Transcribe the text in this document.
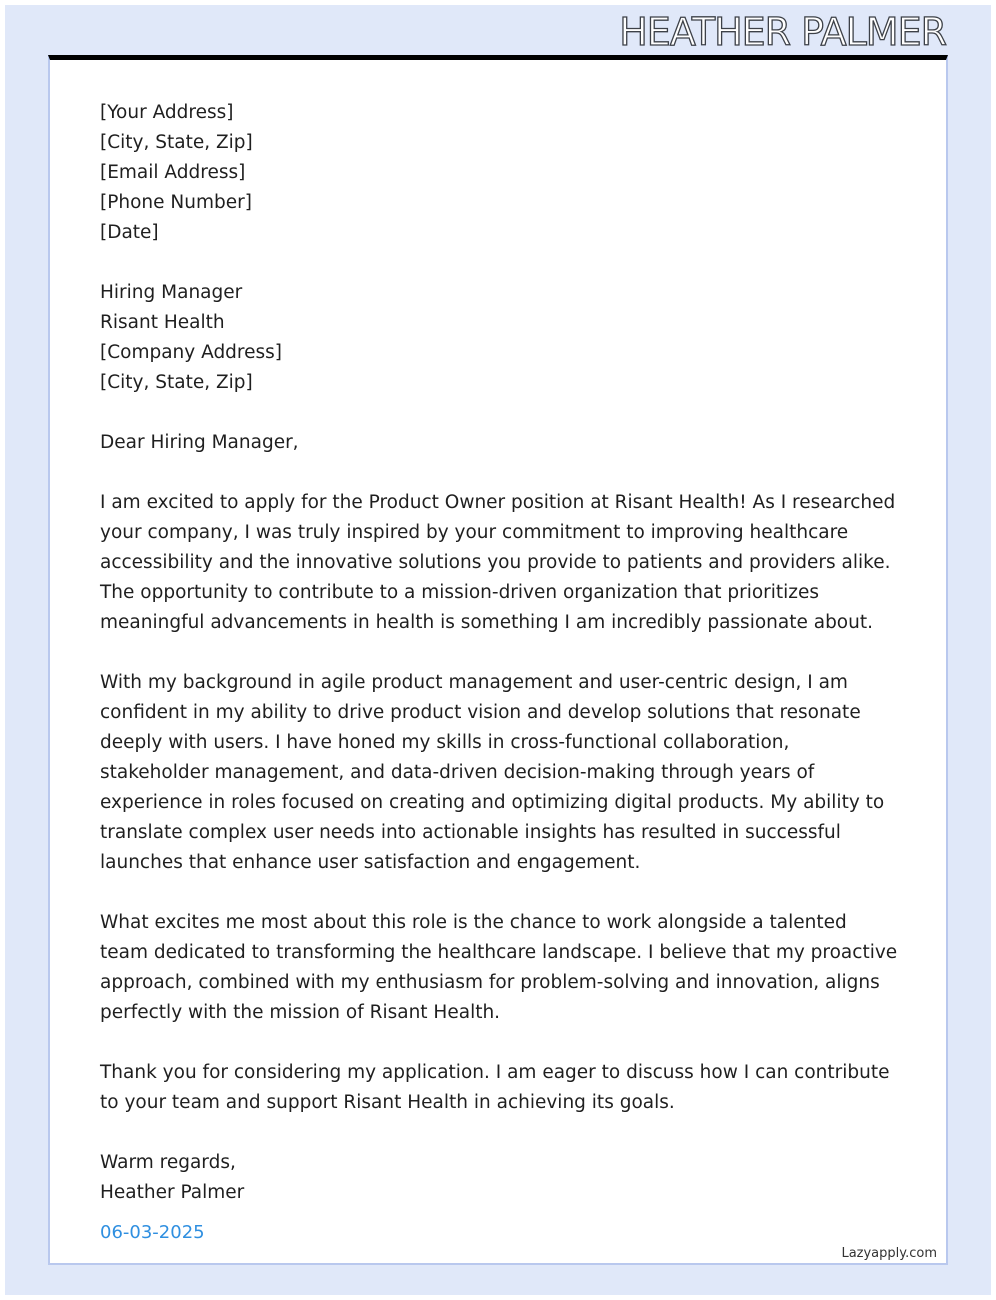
HEATHER PALMER
[Your Address]
[City, State, Zip]
[Email Address]
[Phone Number]
[Date]
Hiring Manager
Risant Health
[Company Address]
[City, State, Zip]

Dear Hiring Manager,

I am excited to apply for the Product Owner position at Risant Health! As I researched your company, I was truly inspired by your commitment to improving healthcare accessibility and the innovative solutions you provide to patients and providers alike. The opportunity to contribute to a mission-driven organization that prioritizes meaningful advancements in health is something I am incredibly passionate about.

With my background in agile product management and user-centric design, I am confident in my ability to drive product vision and develop solutions that resonate deeply with users. I have honed my skills in cross-functional collaboration, stakeholder management, and data-driven decision-making through years of experience in roles focused on creating and optimizing digital products. My ability to translate complex user needs into actionable insights has resulted in successful launches that enhance user satisfaction and engagement.

What excites me most about this role is the chance to work alongside a talented team dedicated to transforming the healthcare landscape. I believe that my proactive approach, combined with my enthusiasm for problem-solving and innovation, aligns perfectly with the mission of Risant Health.

Thank you for considering my application. I am eager to discuss how I can contribute to your team and support Risant Health in achieving its goals.

Warm regards,
Heather Palmer
06-03-2025
Lazyapply.com
